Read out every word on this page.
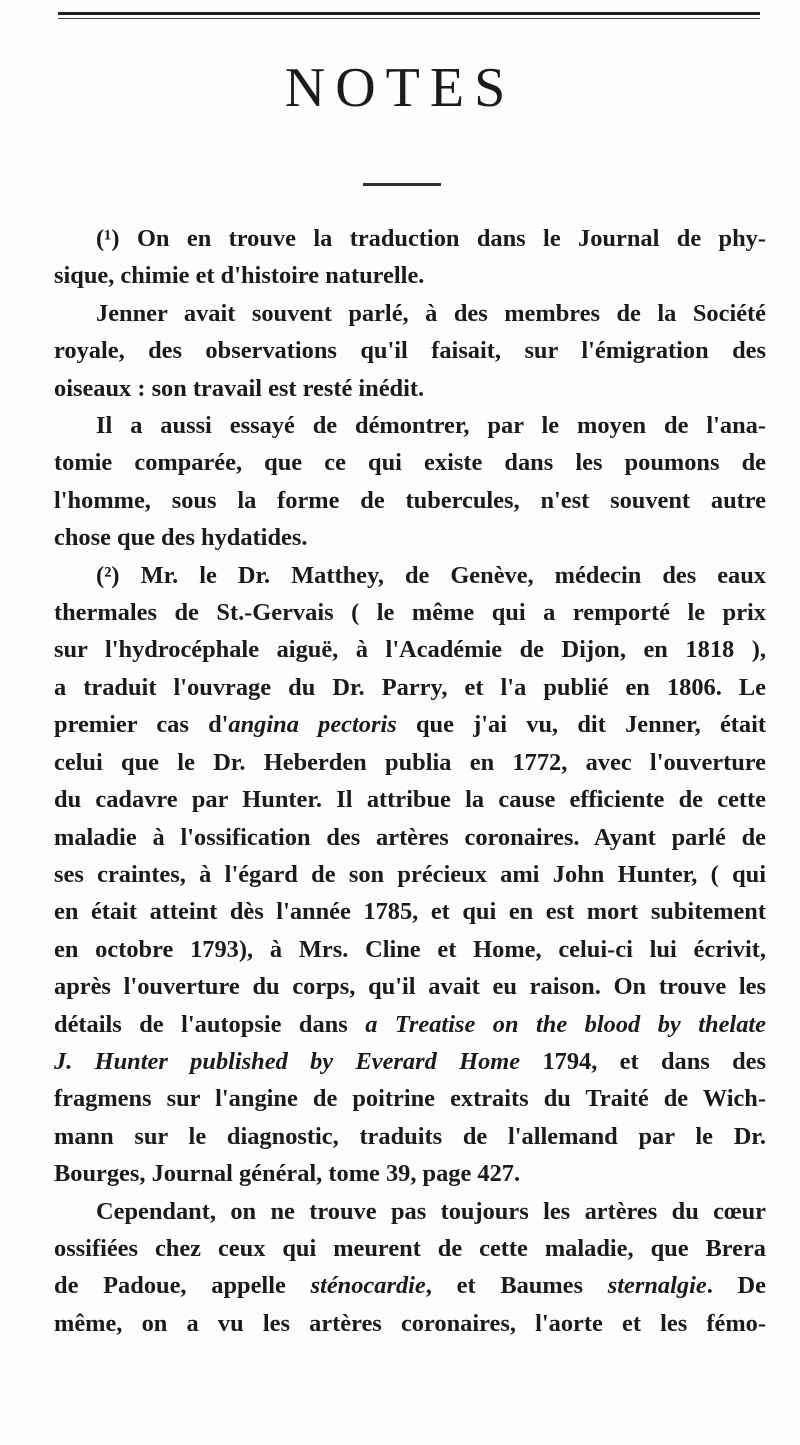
NOTES

(¹) On en trouve la traduction dans le Journal de phy-
sique, chimie et d'histoire naturelle.
Jenner avait souvent parlé, à des membres de la Société
royale, des observations qu'il faisait, sur l'émigration des
oiseaux : son travail est resté inédit.
Il a aussi essayé de démontrer, par le moyen de l'ana-
tomie comparée, que ce qui existe dans les poumons de
l'homme, sous la forme de tubercules, n'est souvent autre
chose que des hydatides.

(²) Mr. le Dr. Matthey, de Genève, médecin des eaux
thermales de St.-Gervais ( le même qui a remporté le prix
sur l'hydrocéphale aiguë, à l'Académie de Dijon, en 1818 ),
a traduit l'ouvrage du Dr. Parry, et l'a publié en 1806. Le
premier cas d'angina pectoris que j'ai vu, dit Jenner, était
celui que le Dr. Heberden publia en 1772, avec l'ouverture
du cadavre par Hunter. Il attribue la cause efficiente de cette
maladie à l'ossification des artères coronaires. Ayant parlé de
ses craintes, à l'égard de son précieux ami John Hunter, ( qui
en était atteint dès l'année 1785, et qui en est mort subitement
en octobre 1793), à Mrs. Cline et Home, celui-ci lui écrivit,
après l'ouverture du corps, qu'il avait eu raison. On trouve les
détails de l'autopsie dans a Treatise on the blood by thelate
J. Hunter published by Everard Home 1794, et dans des
fragmens sur l'angine de poitrine extraits du Traité de Wich-
mann sur le diagnostic, traduits de l'allemand par le Dr.
Bourges, Journal général, tome 39, page 427.
Cependant, on ne trouve pas toujours les artères du cœur
ossifiées chez ceux qui meurent de cette maladie, que Brera
de Padoue, appelle sténocardie, et Baumes sternalgie. De
même, on a vu les artères coronaires, l'aorte et les fémo-
